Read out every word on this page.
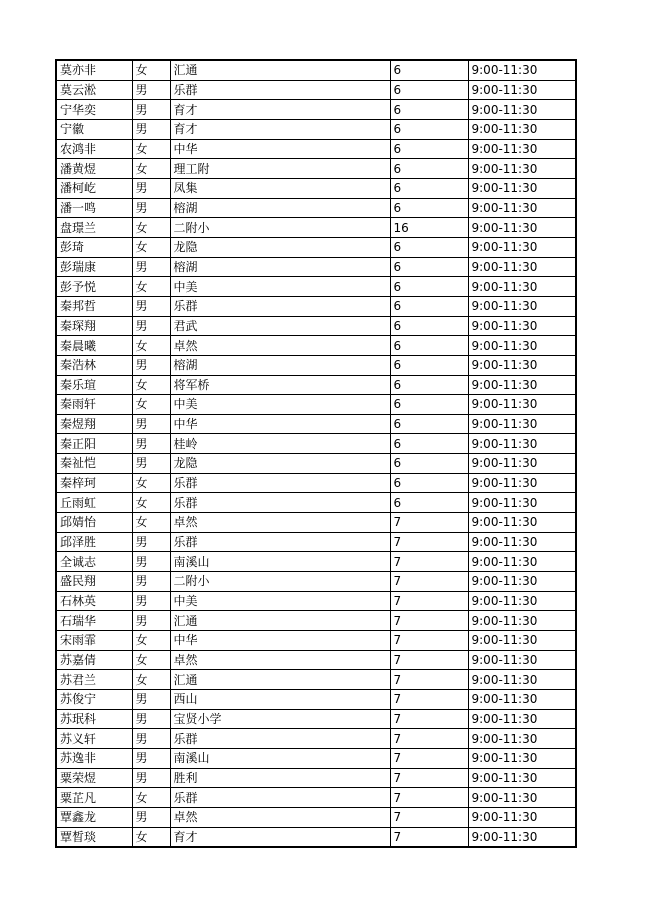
莫亦非	女	汇通	6	9:00-11:30
莫云淞	男	乐群	6	9:00-11:30
宁华奕	男	育才	6	9:00-11:30
宁徽	男	育才	6	9:00-11:30
农鸿非	女	中华	6	9:00-11:30
潘黄煜	女	理工附	6	9:00-11:30
潘柯屹	男	凤集	6	9:00-11:30
潘一鸣	男	榕湖	6	9:00-11:30
盘璟兰	女	二附小	16	9:00-11:30
彭琦	女	龙隐	6	9:00-11:30
彭瑞康	男	榕湖	6	9:00-11:30
彭予悦	女	中美	6	9:00-11:30
秦邦哲	男	乐群	6	9:00-11:30
秦琛翔	男	君武	6	9:00-11:30
秦晨曦	女	卓然	6	9:00-11:30
秦浩林	男	榕湖	6	9:00-11:30
秦乐瑄	女	将军桥	6	9:00-11:30
秦雨轩	女	中美	6	9:00-11:30
秦煜翔	男	中华	6	9:00-11:30
秦正阳	男	桂岭	6	9:00-11:30
秦祉恺	男	龙隐	6	9:00-11:30
秦梓珂	女	乐群	6	9:00-11:30
丘雨虹	女	乐群	6	9:00-11:30
邱婧怡	女	卓然	7	9:00-11:30
邱泽胜	男	乐群	7	9:00-11:30
全诚志	男	南溪山	7	9:00-11:30
盛民翔	男	二附小	7	9:00-11:30
石林英	男	中美	7	9:00-11:30
石瑞华	男	汇通	7	9:00-11:30
宋雨霏	女	中华	7	9:00-11:30
苏嘉倩	女	卓然	7	9:00-11:30
苏君兰	女	汇通	7	9:00-11:30
苏俊宁	男	西山	7	9:00-11:30
苏珉科	男	宝贤小学	7	9:00-11:30
苏义轩	男	乐群	7	9:00-11:30
苏逸非	男	南溪山	7	9:00-11:30
粟荣煜	男	胜利	7	9:00-11:30
粟芷凡	女	乐群	7	9:00-11:30
覃鑫龙	男	卓然	7	9:00-11:30
覃晳琰	女	育才	7	9:00-11:30
